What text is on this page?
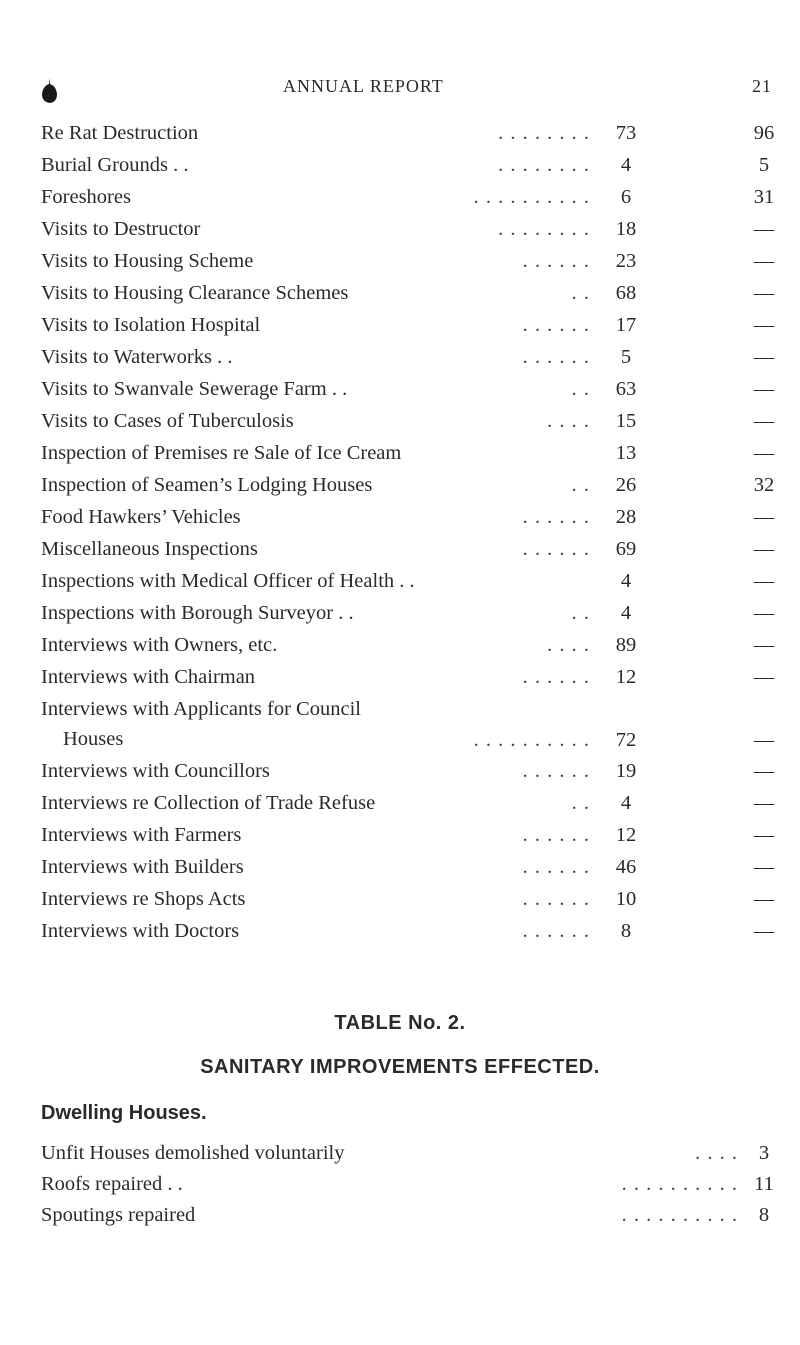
ANNUAL REPORT	21
Re Rat Destruction	. . . . . . . .	73	96
Burial Grounds . .	. . . . . . . .	4	5
Foreshores	. . . . . . . . . .	6	31
Visits to Destructor	. . . . . . . .	18	—
Visits to Housing Scheme	. . . . . .	23	—
Visits to Housing Clearance Schemes	. .	68	—
Visits to Isolation Hospital	. . . . . .	17	—
Visits to Waterworks . .	. . . . . .	5	—
Visits to Swanvale Sewerage Farm . .	. .	63	—
Visits to Cases of Tuberculosis	. . . .	15	—
Inspection of Premises re Sale of Ice Cream	13	—
Inspection of Seamen’s Lodging Houses	. .	26	32
Food Hawkers’ Vehicles	. . . . . .	28	—
Miscellaneous Inspections	. . . . . .	69	—
Inspections with Medical Officer of Health . .	4	—
Inspections with Borough Surveyor . .	. .	4	—
Interviews with Owners, etc.	. . . .	89	—
Interviews with Chairman	. . . . . .	12	—
Interviews with Applicants for Council
Houses	. . . . . . . . . .	72	—
Interviews with Councillors	. . . . . .	19	—
Interviews re Collection of Trade Refuse	. .	4	—
Interviews with Farmers	. . . . . .	12	—
Interviews with Builders	. . . . . .	46	—
Interviews re Shops Acts	. . . . . .	10	—
Interviews with Doctors	. . . . . .	8	—
TABLE No. 2.
SANITARY IMPROVEMENTS EFFECTED.
Dwelling Houses.
Unfit Houses demolished voluntarily	. . . .	3
Roofs repaired . .	. . . . . . . . . . 11
Spoutings repaired	. . . . . . . . . .	8
